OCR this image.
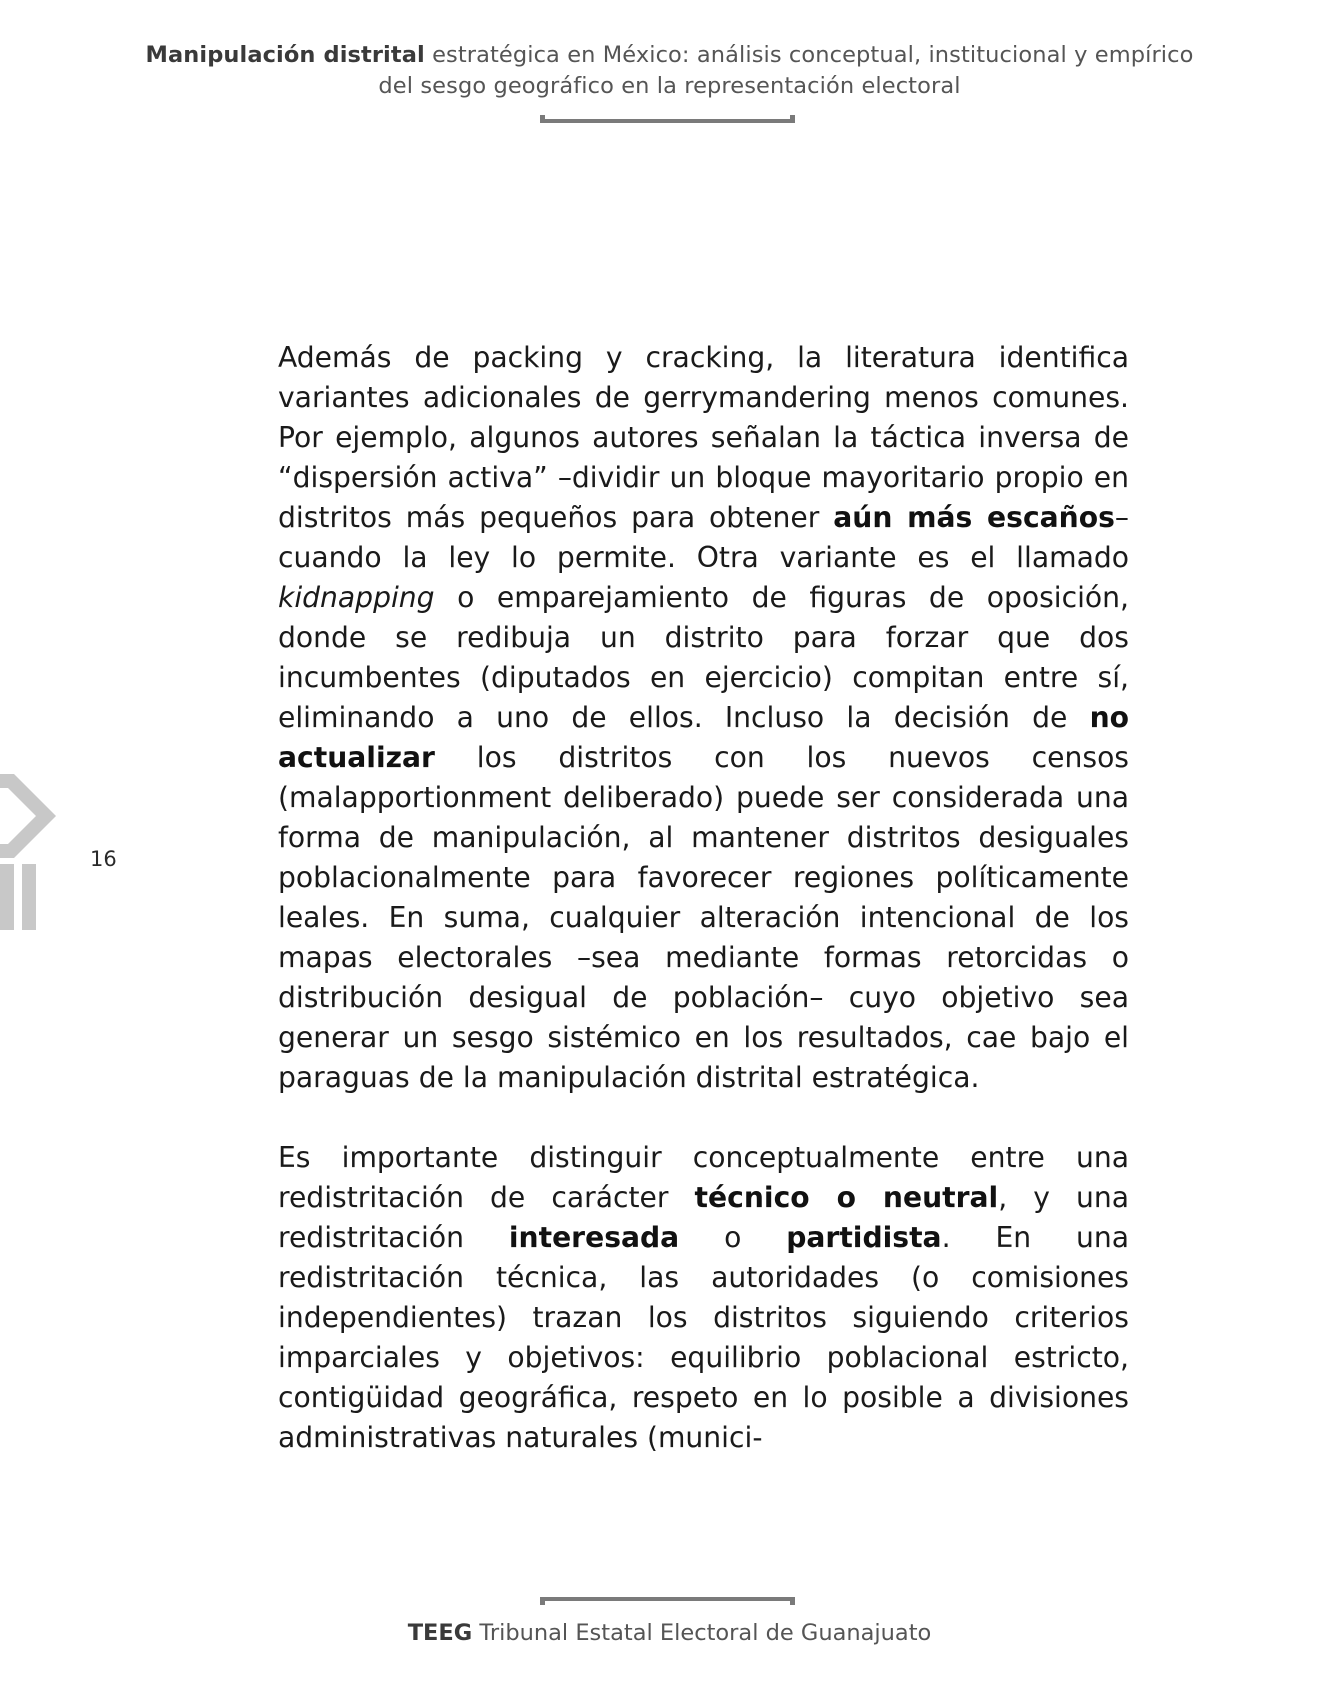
Manipulación distrital estratégica en México: análisis conceptual, institucional y empírico
del sesgo geográfico en la representación electoral
16

Además de packing y cracking, la literatura identifica variantes adicionales de gerrymandering menos comunes. Por ejemplo, algunos autores señalan la táctica inversa de “dispersión activa” –dividir un bloque mayoritario propio en distritos más pequeños para obtener aún más escaños– cuando la ley lo permite. Otra variante es el llamado kidnapping o emparejamiento de figuras de oposición, donde se redibuja un distrito para forzar que dos incumbentes (diputados en ejercicio) compitan entre sí, eliminando a uno de ellos. Incluso la decisión de no actualizar los distritos con los nuevos censos (malapportionment deliberado) puede ser considerada una forma de manipulación, al mantener distritos desiguales poblacionalmente para favorecer regiones políticamente leales. En suma, cualquier alteración intencional de los mapas electorales –sea mediante formas retorcidas o distribución desigual de población– cuyo objetivo sea generar un sesgo sistémico en los resultados, cae bajo el paraguas de la manipulación distrital estratégica.

Es importante distinguir conceptualmente entre una redistritación de carácter técnico o neutral, y una redistritación interesada o partidista. En una redistritación técnica, las autoridades (o comisiones independientes) trazan los distritos siguiendo criterios imparciales y objetivos: equilibrio poblacional estricto, contigüidad geográfica, respeto en lo posible a divisiones administrativas naturales (munici-

TEEG Tribunal Estatal Electoral de Guanajuato
